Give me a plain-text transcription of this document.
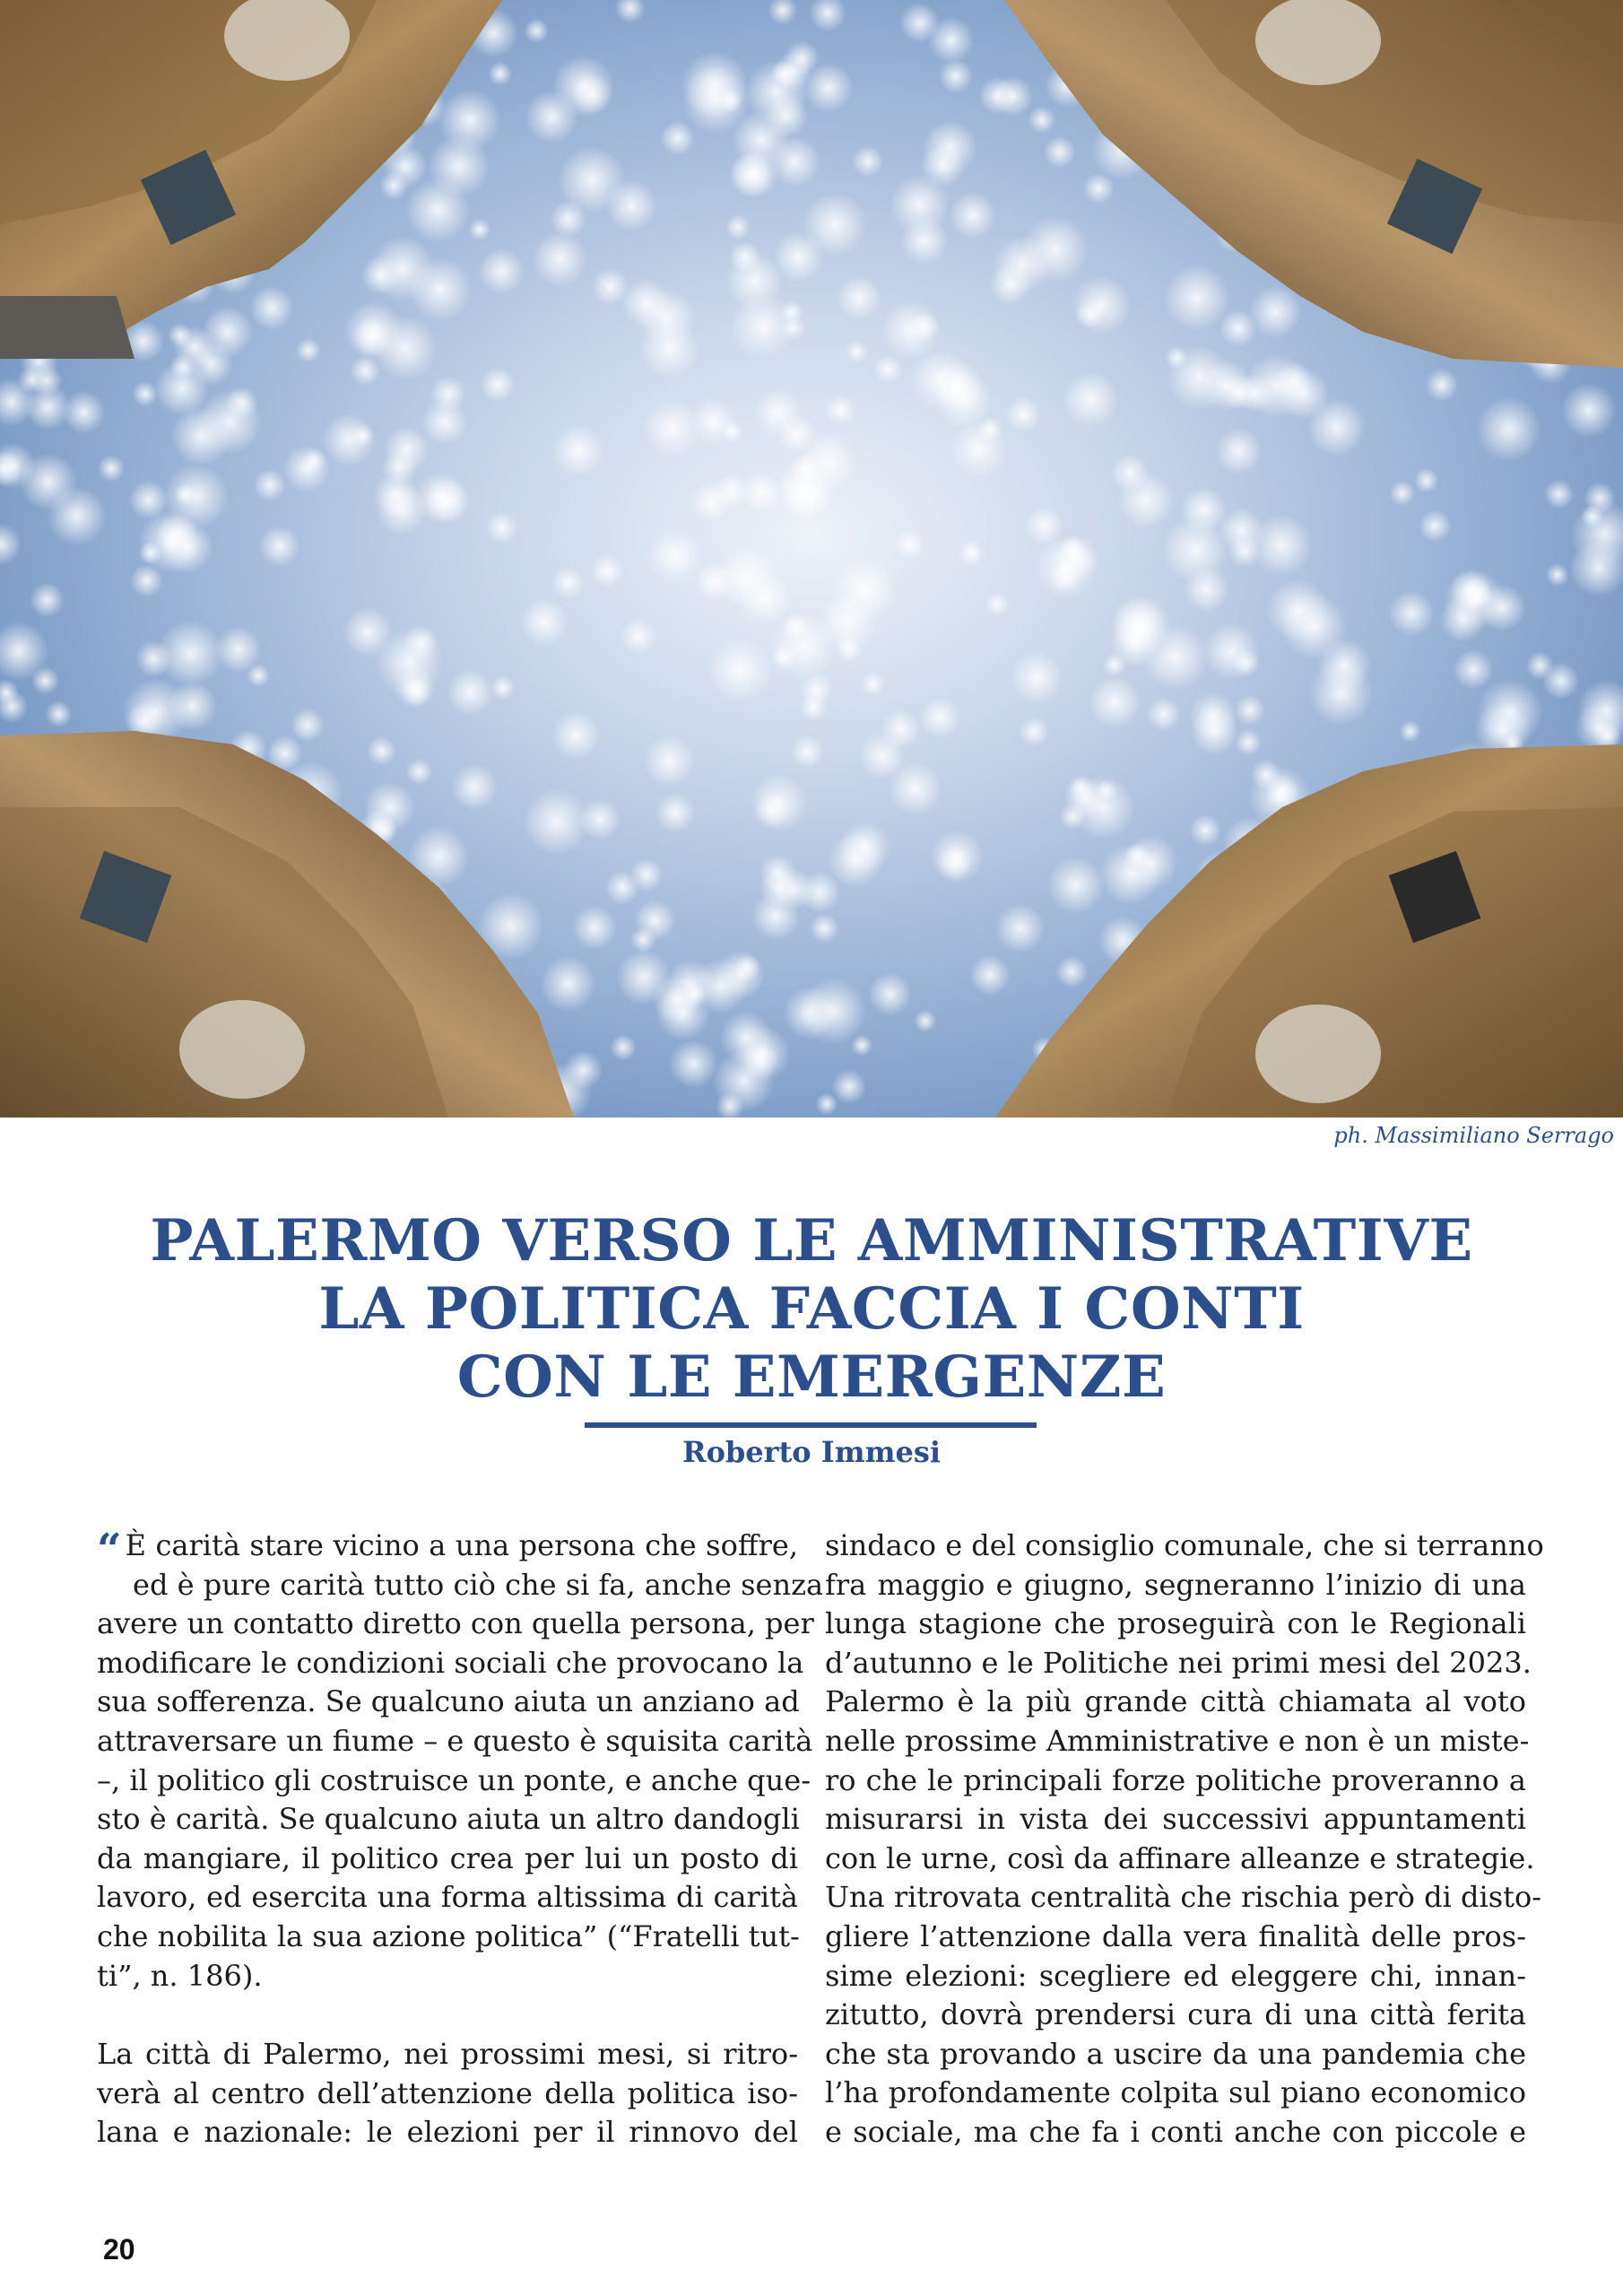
ph. Massimiliano Serrago
PALERMO VERSO LE AMMINISTRATIVE
LA POLITICA FACCIA I CONTI
CON LE EMERGENZE
Roberto Immesi
“ È carità stare vicino a una persona che soffre,
ed è pure carità tutto ciò che si fa, anche senza
avere un contatto diretto con quella persona, per
modificare le condizioni sociali che provocano la
sua sofferenza. Se qualcuno aiuta un anziano ad
attraversare un fiume – e questo è squisita carità
–, il politico gli costruisce un ponte, e anche que-
sto è carità. Se qualcuno aiuta un altro dandogli
da mangiare, il politico crea per lui un posto di
lavoro, ed esercita una forma altissima di carità
che nobilita la sua azione politica” (“Fratelli tut-
ti”, n. 186).
La città di Palermo, nei prossimi mesi, si ritro-
verà al centro dell’attenzione della politica iso-
lana e nazionale: le elezioni per il rinnovo del
sindaco e del consiglio comunale, che si terranno
fra maggio e giugno, segneranno l’inizio di una
lunga stagione che proseguirà con le Regionali
d’autunno e le Politiche nei primi mesi del 2023.
Palermo è la più grande città chiamata al voto
nelle prossime Amministrative e non è un miste-
ro che le principali forze politiche proveranno a
misurarsi in vista dei successivi appuntamenti
con le urne, così da affinare alleanze e strategie.
Una ritrovata centralità che rischia però di disto-
gliere l’attenzione dalla vera finalità delle pros-
sime elezioni: scegliere ed eleggere chi, innan-
zitutto, dovrà prendersi cura di una città ferita
che sta provando a uscire da una pandemia che
l’ha profondamente colpita sul piano economico
e sociale, ma che fa i conti anche con piccole e
20
